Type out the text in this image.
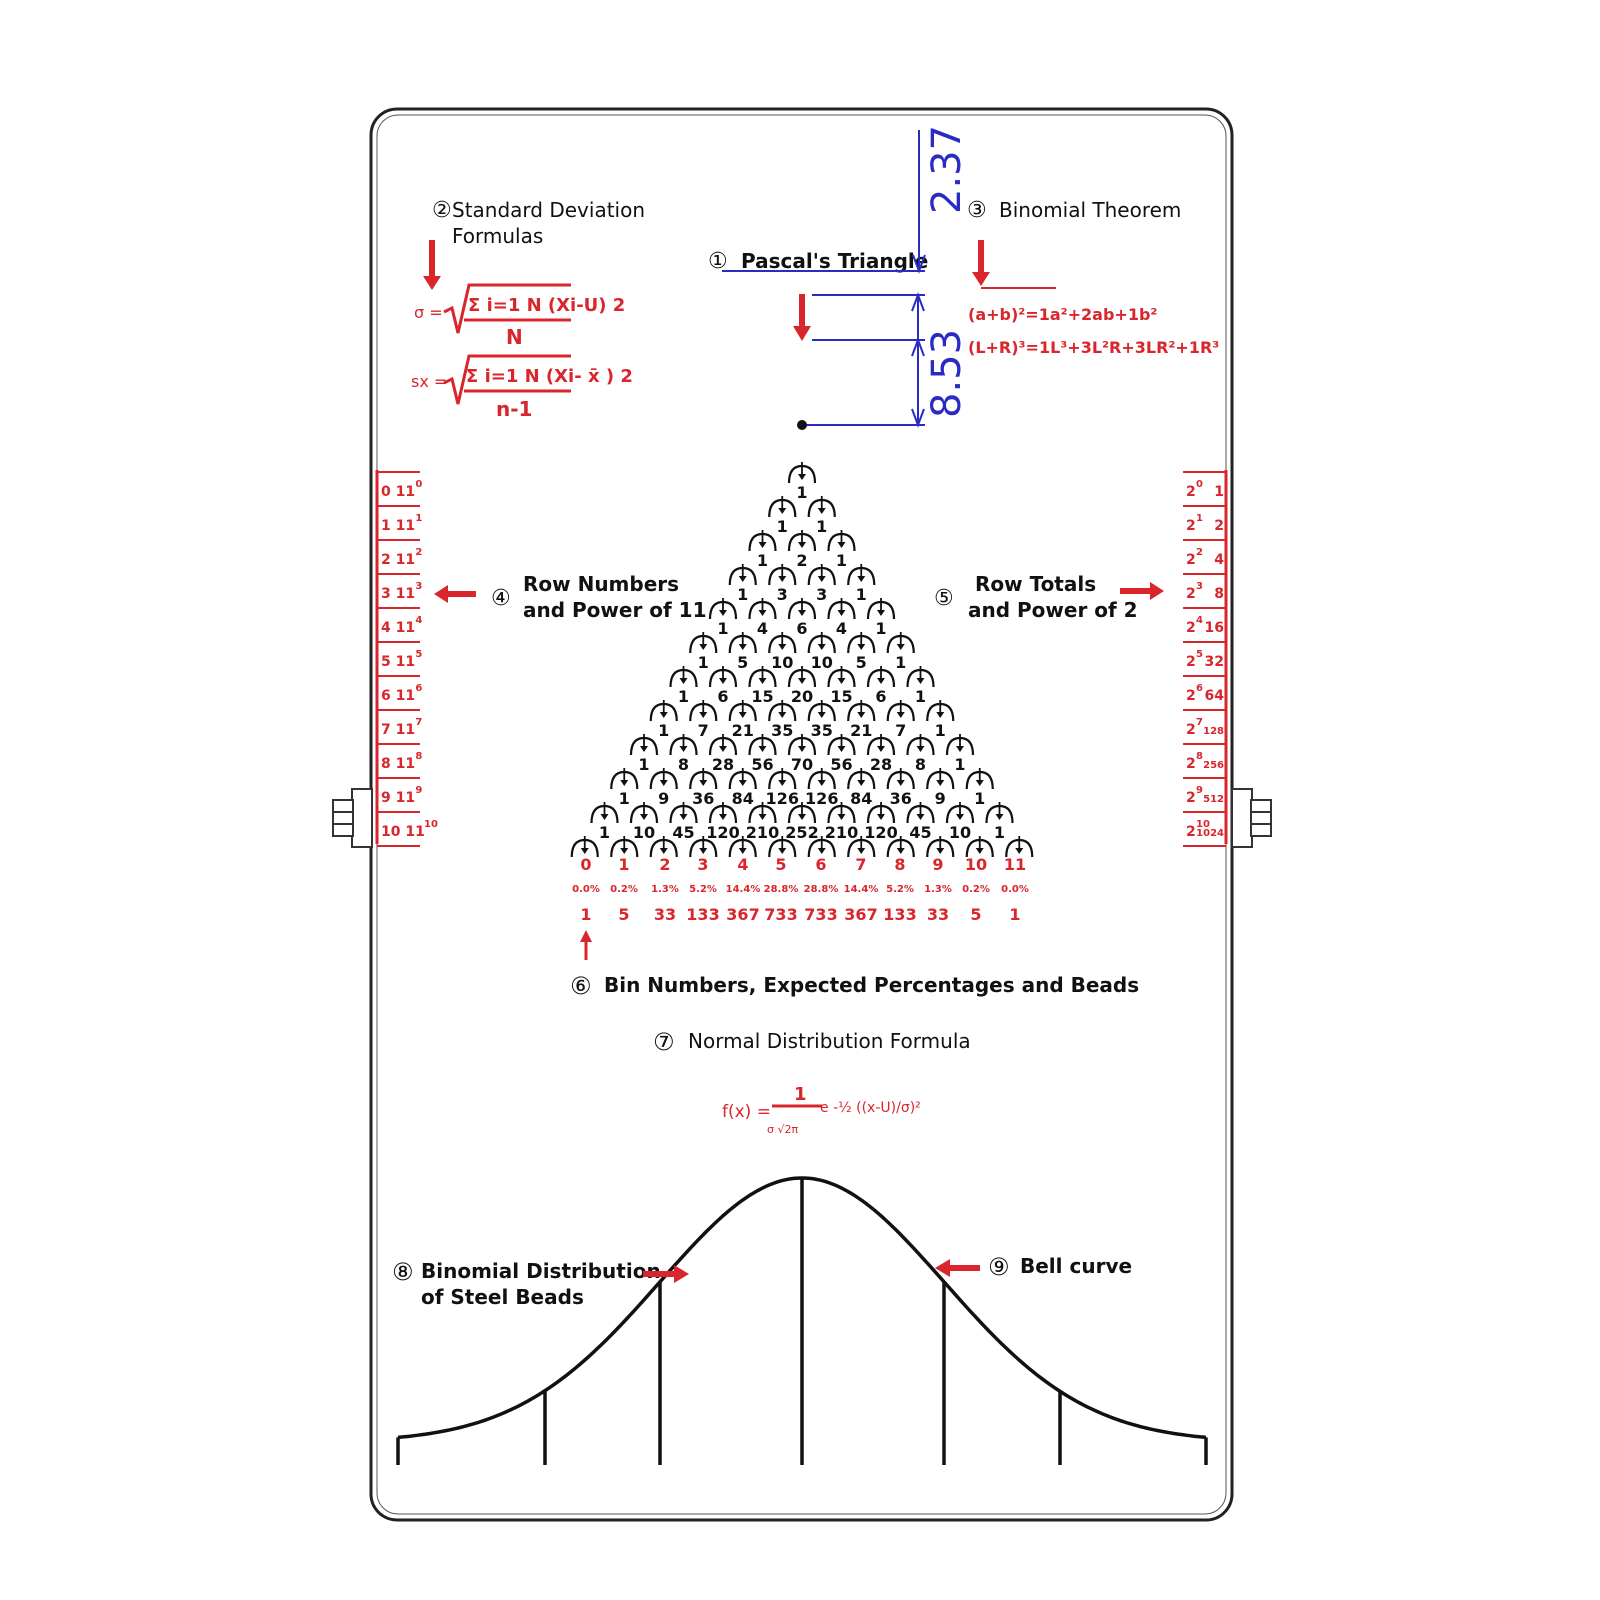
② Standard Deviation
Formulas
σ = Σ i=1 N (Xi-U) 2
N
sx = Σ i=1 N (Xi- x̄ ) 2
n-1
① Pascal's Triangle
2.37
8.53
③ Binomial Theorem
(a+b)²=1a²+2ab+1b²
(L+R)³=1L³+3L²R+3LR²+1R³
0 11 0
1 11 1
2 11 2
3 11 3
4 11 4
5 11 5
6 11 6
7 11 7
8 11 8
9 11 9
10 11 10
2 0 1
2 1 2
2 2 4
2 3 8
2 4 16
2 5 32
2 6 64
2 7
128
2 8
256
2 9
512
2 10
1024
④
Row Numbers
and Power of 11	⑤
Row Totals
and Power of 2
1
1 1
1 2 1
1 3 3 1
1 4 6 4 1
1 5 10 10 5 1
1 6 15 20 15 6 1
1 7 21 35 35 21 7 1
1 8 28 56 70 56 28 8 1
1 9 36 84 126 126 84 36 9 1
1 10 45 120 210 252 210 120 45 10 1
0 1 2 3 4 5 6 7 8 9 10 11
0.0% 0.2% 1.3% 5.2% 14.4% 28.8% 28.8% 14.4% 5.2% 1.3% 0.2% 0.0%
1 5 33 133 367 733 733 367 133 33 5 1
⑥ Bin Numbers, Expected Percentages and Beads
⑦ Normal Distribution Formula
f(x) =
1
σ √2π
e -½ ((x-U)/σ)²
⑧ Binomial Distribution
of Steel Beads
⑨ Bell curve
